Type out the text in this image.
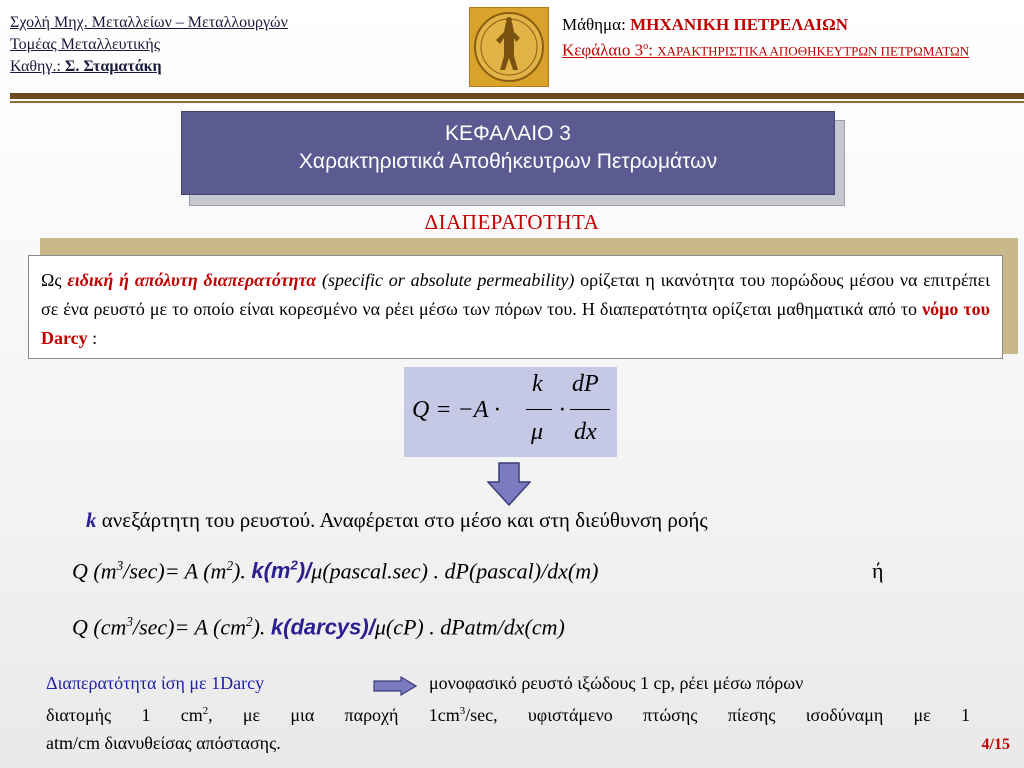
Σχολή Μηχ. Μεταλλείων – Μεταλλουργών
Τομέας Μεταλλευτικής
Καθηγ.: Σ. Σταματάκη
Μάθημα: ΜΗΧΑΝΙΚΗ ΠΕΤΡΕΛΑΙΩΝ
Κεφάλαιο $3^o$: ΧΑΡΑΚΤΗΡΙΣΤΙΚΑ ΑΠΟΘΗΚΕΥΤΡΩΝ ΠΕΤΡΩΜΑΤΩΝ
ΚΕΦΑΛΑΙΟ 3
Χαρακτηριστικά Αποθήκευτρων Πετρωμάτων
ΔΙΑΠΕΡΑΤΟΤΗΤΑ
Ως ειδική ή απόλυτη διαπερατότητα (specific or absolute permeability) ορίζεται η ικανότητα του πορώδους μέσου να επιτρέπει σε ένα ρευστό με το οποίο είναι κορεσμένο να ρέει μέσω των πόρων του. Η διαπερατότητα ορίζεται μαθηματικά από το νόμο του Darcy :
Q = −A ·
k
μ
·
dP
dx
k ανεξάρτητη του ρευστού. Αναφέρεται στο μέσο και στη διεύθυνση ροής
Q $(m^3/\sec)= A$ $(m^2)$. $k(m^2)/\mu(pascal.\sec)$ . dP(pascal)/dx(m)	ή
Q $(cm^3/\sec)= A$ $(cm^2)$. k(darcys)/μ(cP) . dPatm/dx(cm)
Διαπερατότητα ίση με 1Darcy	μονοφασικό ρευστό ιξώδους 1 cp, ρέει μέσω πόρων
διατομής 1 $cm^2$, με μια παροχή $1cm^3/\sec$, υφιστάμενο πτώσης πίεσης ισοδύναμη με 1
atm/cm διανυθείσας απόστασης.	4/15
